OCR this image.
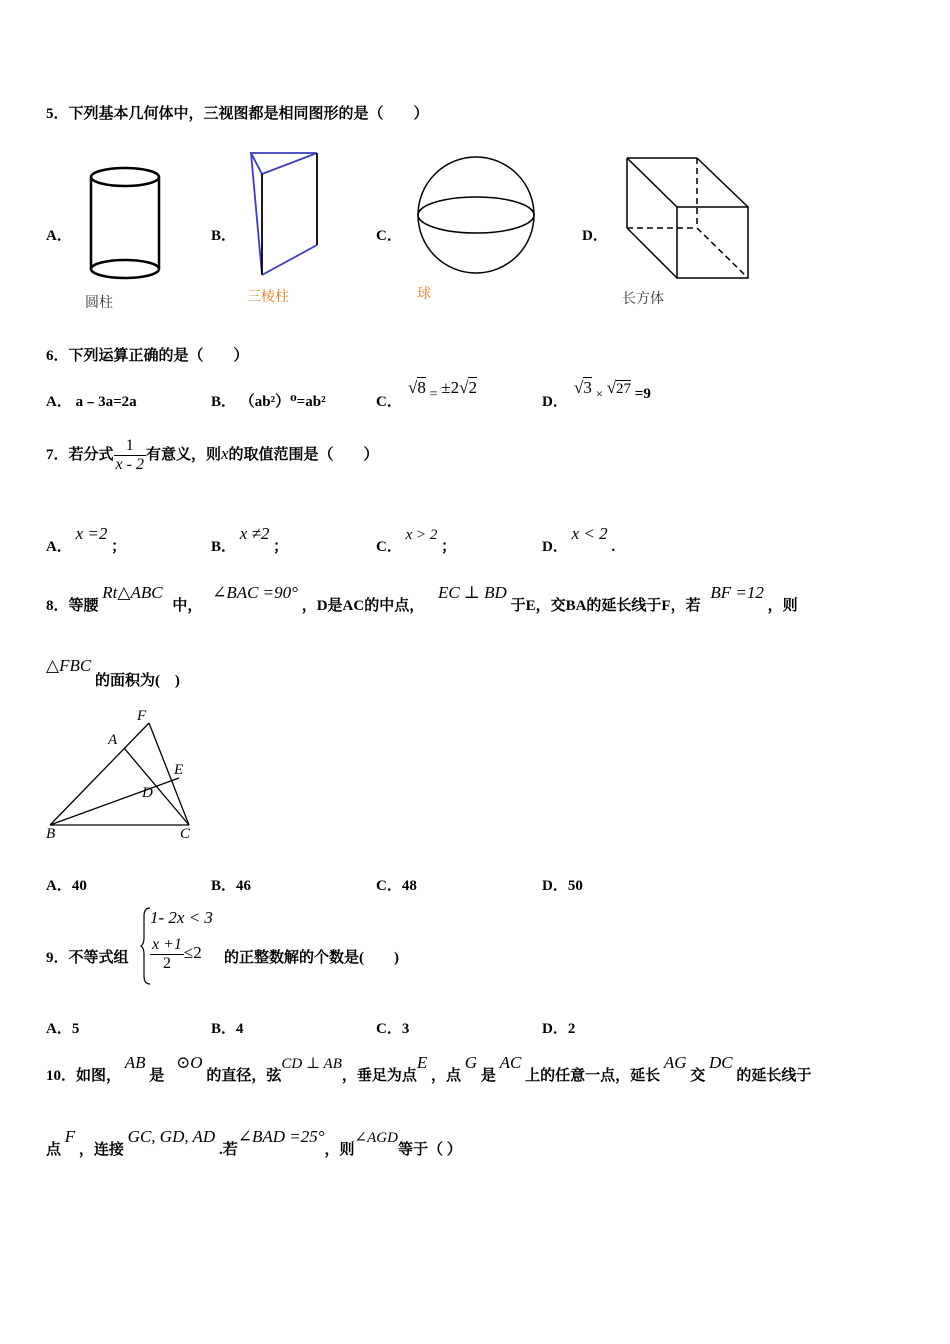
5．下列基本几何体中，三视图都是相同图形的是（　　）
A．
圆柱
B．
三棱柱
C．
球
D．
长方体
6．下列运算正确的是（　　）
A． a﹣3a=2a	B． （ab²）⁰=ab²	C．
√8 = ±2√2
D．
√3 × √27 =9
7．若分式 $\frac{1}{x - 2}$ 有意义，则x的取值范围是（　　）
A． x =2 ；	B． x ≠2 ；	C． x > 2 ；	D． x < 2 .
8．等腰 Rt△ABC 中， ∠BAC =90° ，D是AC的中点， EC ⊥ BD 于E，交BA的延长线于F，若 BF =12 ，则
△FBC 的面积为(　)
F
A
E
D
B	C
A．40	B．46	C．48	D．50
9．不等式组
1- 2x < 3
$\frac{x +1}{2} \le 2$ 的正整数解的个数是(　　)
A．5	B．4	C．3	D．2
10．如图， AB 是 ⊙O 的直径，弦CD ⊥ AB，垂足为点E ，点 G 是 AC 上的任意一点，延长 AG 交 DC 的延长线于
点 F ，连接 GC, GD, AD .若∠BAD =25°，则∠AGD等于（ ）
